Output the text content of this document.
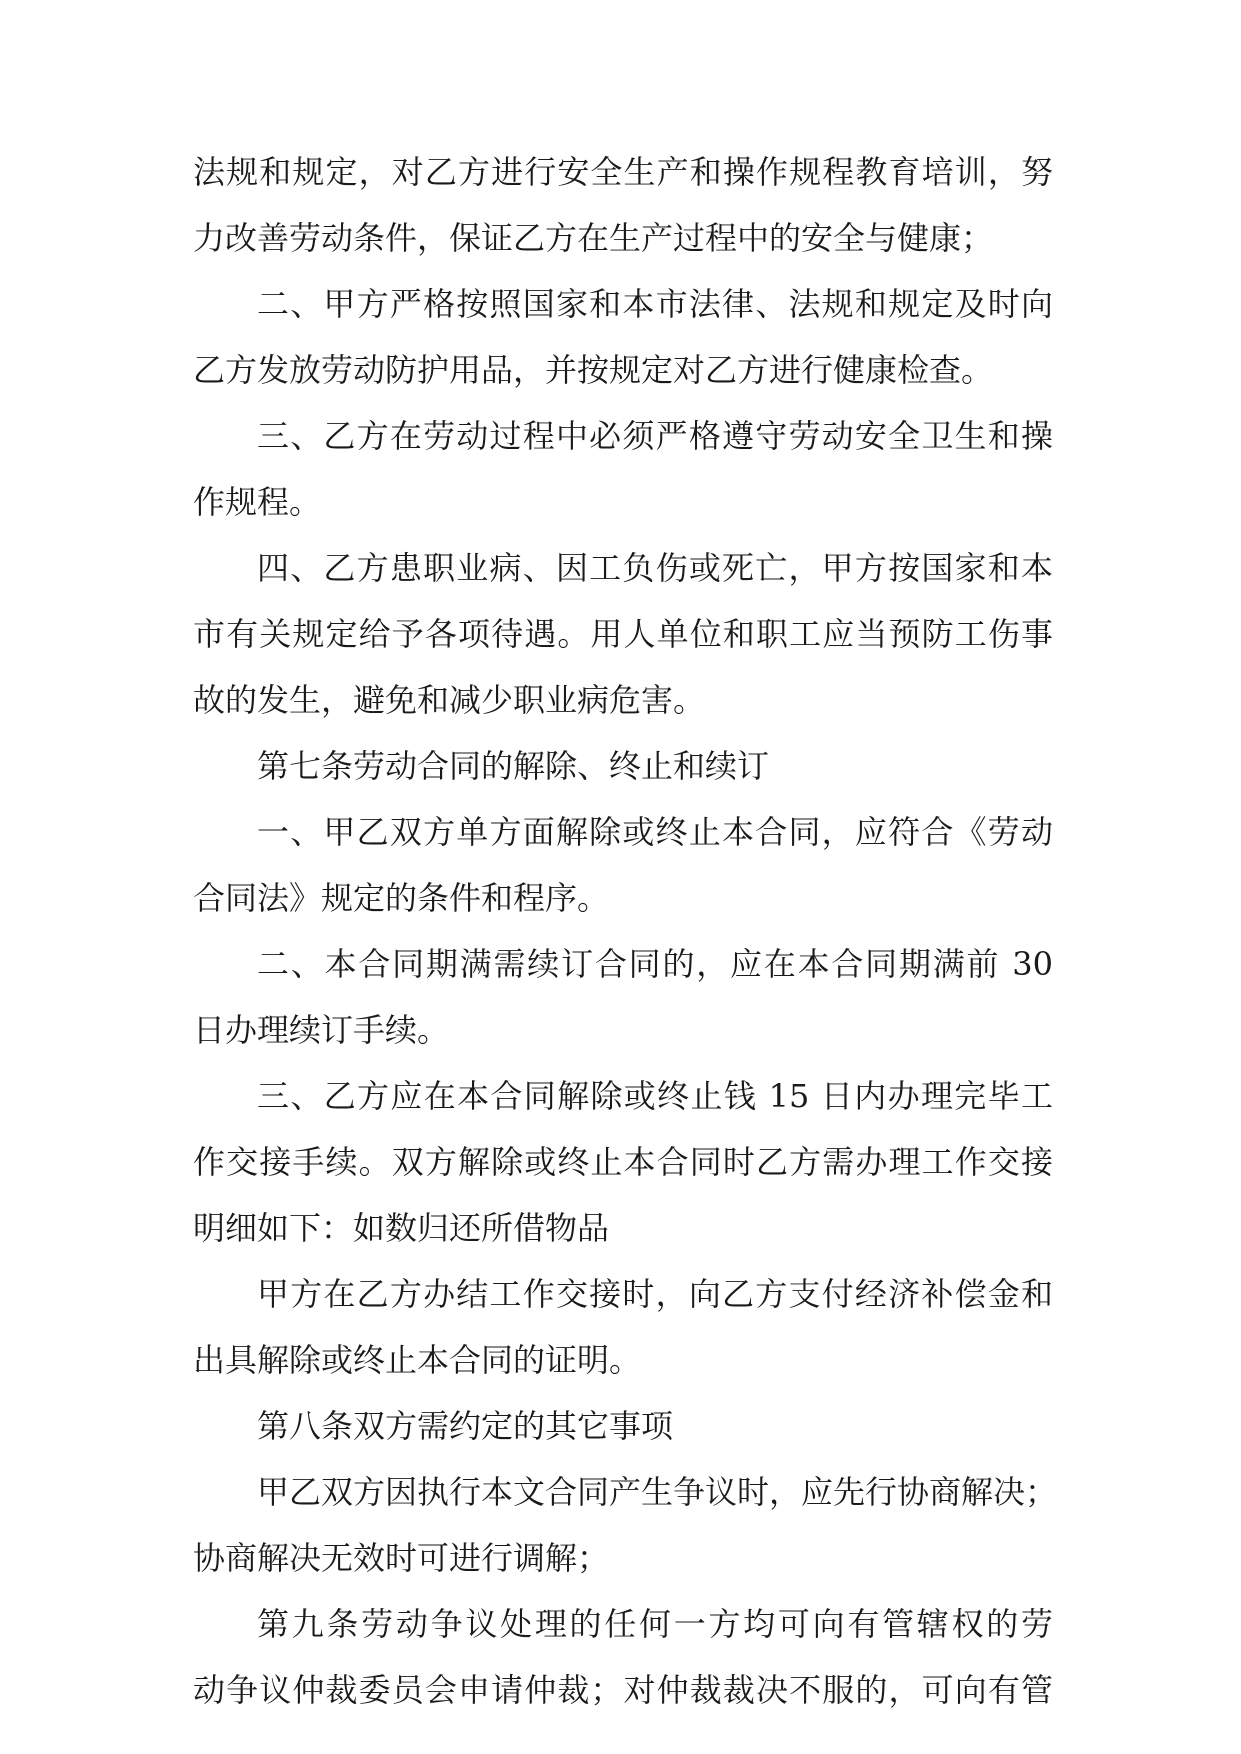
法规和规定，对乙方进行安全生产和操作规程教育培训，努

力改善劳动条件，保证乙方在生产过程中的安全与健康；

二、甲方严格按照国家和本市法律、法规和规定及时向

乙方发放劳动防护用品，并按规定对乙方进行健康检查。

三、乙方在劳动过程中必须严格遵守劳动安全卫生和操

作规程。

四、乙方患职业病、因工负伤或死亡，甲方按国家和本

市有关规定给予各项待遇。用人单位和职工应当预防工伤事

故的发生，避免和减少职业病危害。

第七条劳动合同的解除、终止和续订

一、甲乙双方单方面解除或终止本合同，应符合《劳动

合同法》规定的条件和程序。

二、本合同期满需续订合同的，应在本合同期满前 30

日办理续订手续。

三、乙方应在本合同解除或终止钱 15 日内办理完毕工

作交接手续。双方解除或终止本合同时乙方需办理工作交接

明细如下：如数归还所借物品

甲方在乙方办结工作交接时，向乙方支付经济补偿金和

出具解除或终止本合同的证明。

第八条双方需约定的其它事项

甲乙双方因执行本文合同产生争议时，应先行协商解决；

协商解决无效时可进行调解；

第九条劳动争议处理的任何一方均可向有管辖权的劳

动争议仲裁委员会申请仲裁；对仲裁裁决不服的，可向有管
